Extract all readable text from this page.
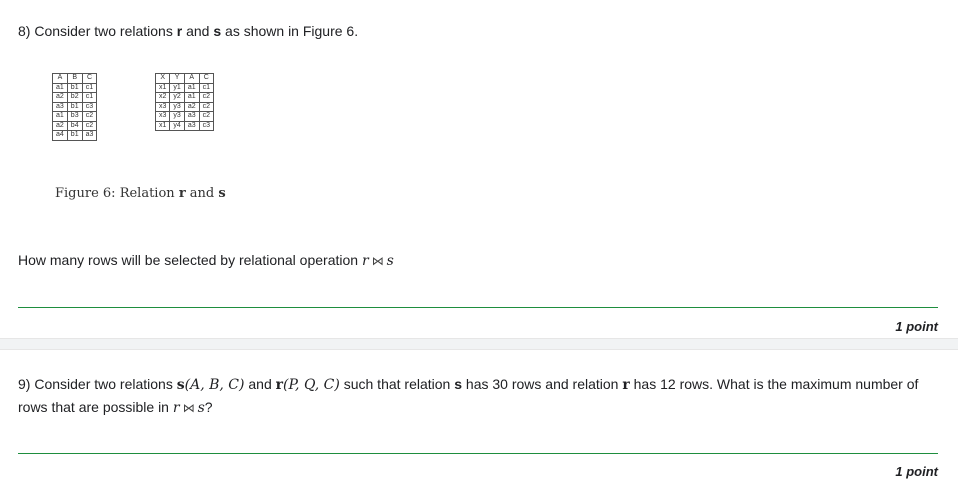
8) Consider two relations r and s as shown in Figure 6.
A	B	C
a1	b1	c1
a2	b2	c1
a3	b1	c3
a1	b3	c2
a2	b4	c2
a4	b1	a3
X	Y	A	C
x1	y1	a1	c1
x2	y2	a1	c2
x3	y3	a2	c2
x3	y3	a3	c2
x1	y4	a3	c3
Figure 6: Relation r and s
How many rows will be selected by relational operation r ⋈ s
1 point
9) Consider two relations s(A, B, C) and r(P, Q, C) such that relation s has 30 rows and relation r has 12 rows. What is the maximum number of rows that are possible in r ⋈ s?
1 point
